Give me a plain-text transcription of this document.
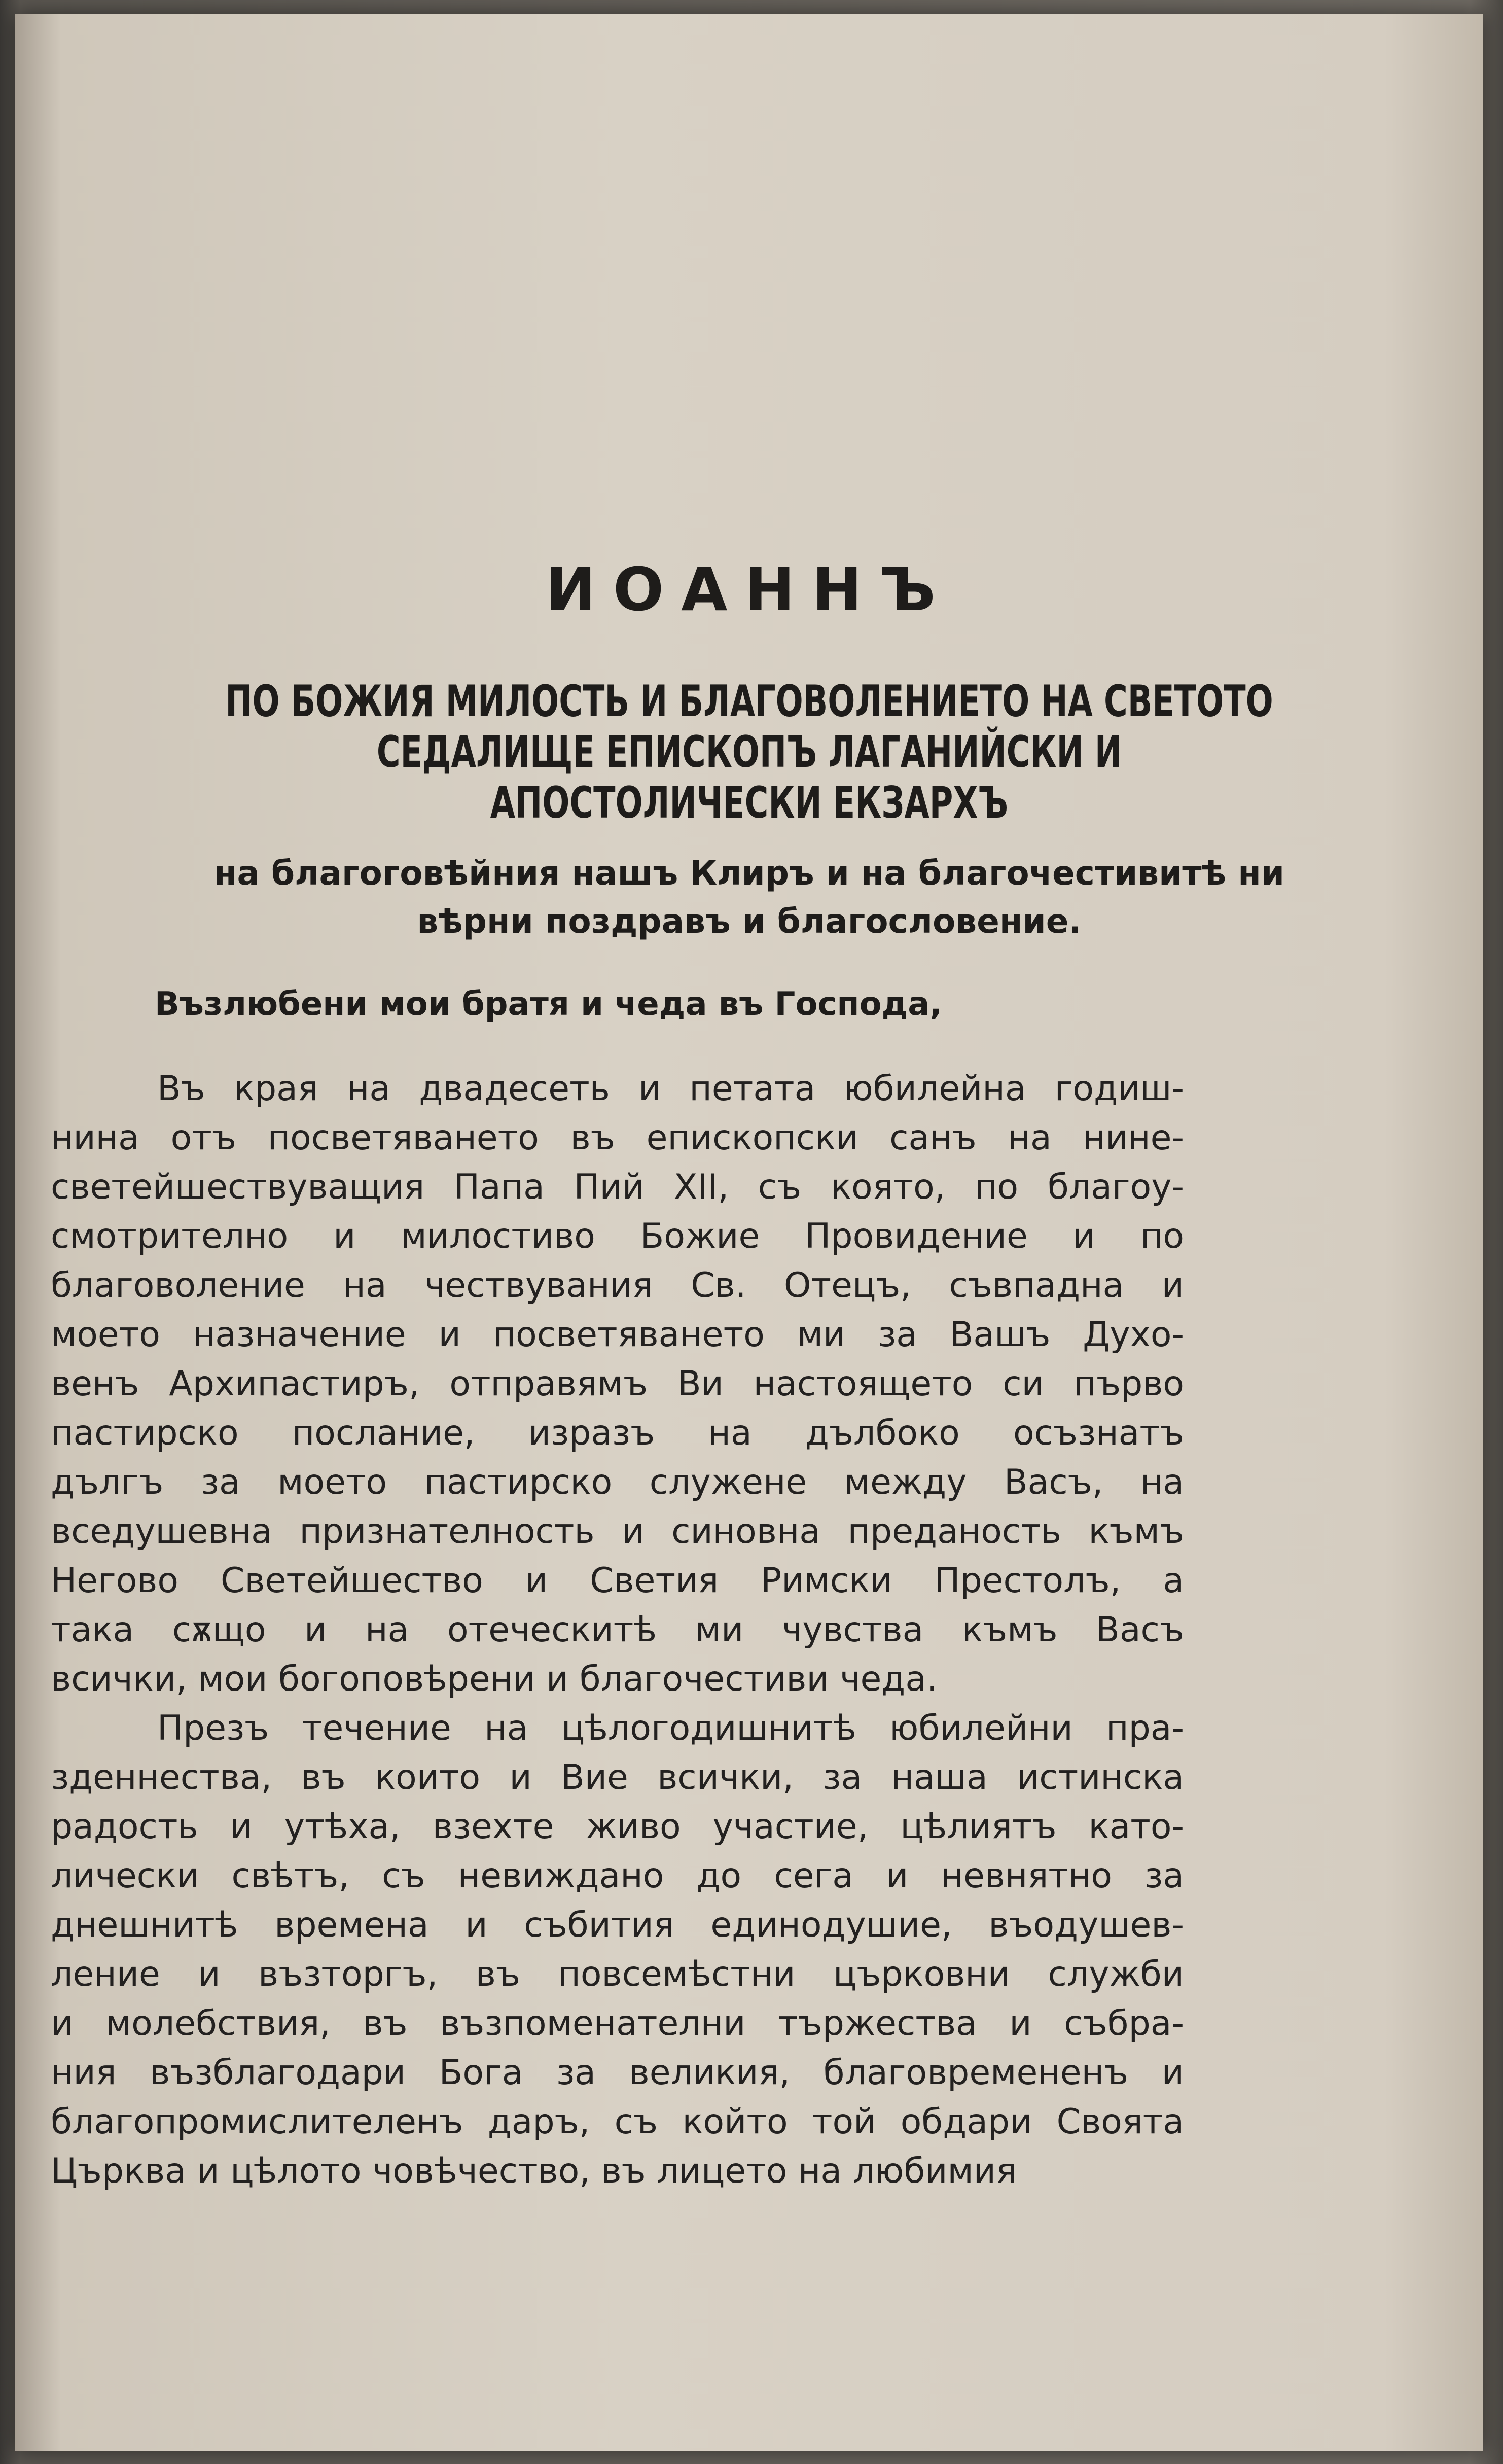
ИОАННЪ
ПО БОЖИЯ МИЛОСТЬ И БЛАГОВОЛЕНИЕТО НА СВЕТОТО
СЕДАЛИЩЕ ЕПИСКОПЪ ЛАГАНИЙСКИ И
АПОСТОЛИЧЕСКИ ЕКЗАРХЪ
на благоговѣйния нашъ Клиръ и на благочестивитѣ ни
вѣрни поздравъ и благословение.
Възлюбени мои братя и чеда въ Господа,
Въ края на двадесеть и петата юбилейна годиш-
нина отъ посветяването въ епископски санъ на нине-
светейшествуващия Папа Пий XII, съ която, по благоу-
смотрително и милостиво Божие Провидение и по
благоволение на чествувания Св. Отецъ, съвпадна и
моето назначение и посветяването ми за Вашъ Духо-
венъ Архипастиръ, отправямъ Ви настоящето си първо
пастирско послание, изразъ на дълбоко осъзнатъ
дългъ за моето пастирско служене между Васъ, на
вседушевна признателность и синовна преданость къмъ
Негово Светейшество и Светия Римски Престолъ, а
така сѫщо и на отеческитѣ ми чувства къмъ Васъ
всички, мои богоповѣрени и благочестиви чеда.
Презъ течение на цѣлогодишнитѣ юбилейни пра-
зденнества, въ които и Вие всички, за наша истинска
радость и утѣха, взехте живо участие, цѣлиятъ като-
лически свѣтъ, съ невиждано до сега и невнятно за
днешнитѣ времена и събития единодушие, въодушев-
ление и възторгъ, въ повсемѣстни църковни служби
и молебствия, въ възпоменателни тържества и събра-
ния възблагодари Бога за великия, благовремененъ и
благопромислителенъ даръ, съ който той обдари Своята
Църква и цѣлото човѣчество, въ лицето на любимия
